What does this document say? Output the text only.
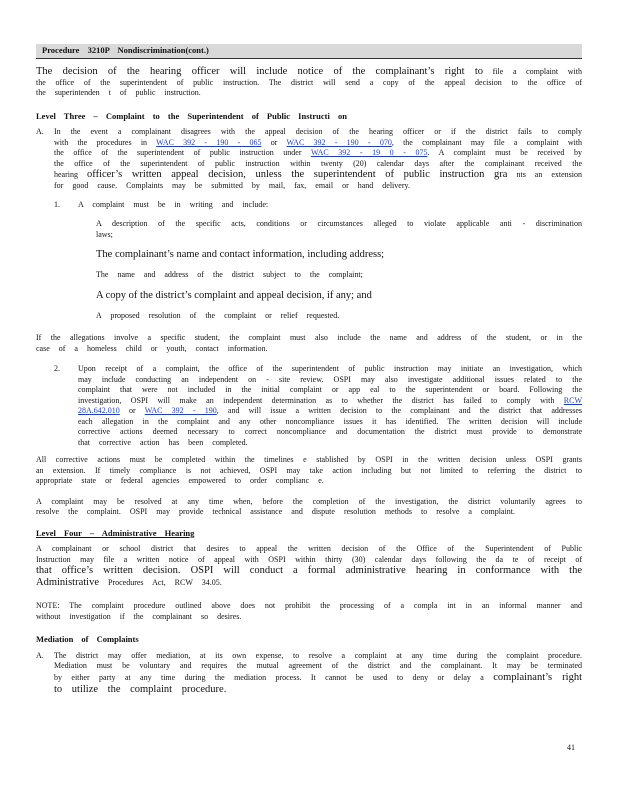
Procedure 3210P Nondiscrimination(cont.)
The decision of the hearing officer will include notice of the complainant’s right to file a complaint with the office of the superintendent of public instruction. The district will send a copy of the appeal decision to the office of the superintenden t of public instruction.
Level Three – Complaint to the Superintendent of Public Instructi on
A.	In the event a complainant disagrees with the appeal decision of the hearing officer or if the district fails to comply with the procedures in WAC 392 - 190 - 065 or WAC 392 - 190 - 070, the complainant may file a complaint with the office of the superintendent of public instruction under WAC 392 - 19 0 - 075. A complaint must be received by the office of the superintendent of public instruction within twenty (20) calendar days after the complainant received the hearing officer’s written appeal decision, unless the superintendent of public instruction gra nts an extension for good cause. Complaints may be submitted by mail, fax, email or hand delivery.
1.	A complaint must be in writing and include:
A description of the specific acts, conditions or circumstances alleged to violate applicable anti - discrimination laws;
The complainant’s name and contact information, including address;
The name and address of the district subject to the complaint;
A copy of the district’s complaint and appeal decision, if any; and
A proposed resolution of the complaint or relief requested.
If the allegations involve a specific student, the complaint must also include the name and address of the student, or in the case of a homeless child or youth, contact information.
2.	Upon receipt of a complaint, the office of the superintendent of public instruction may initiate an investigation, which may include conducting an independent on - site review. OSPI may also investigate additional issues related to the complaint that were not included in the initial complaint or app eal to the superintendent or board. Following the investigation, OSPI will make an independent determination as to whether the district has failed to comply with RCW 28A.642.010 or WAC 392 - 190, and will issue a written decision to the complainant and the district that addresses each allegation in the complaint and any other noncompliance issues it has identified. The written decision will include corrective actions deemed necessary to correct noncompliance and documentation the district must provide to demonstrate that corrective action has been completed.
All corrective actions must be completed within the timelines e stablished by OSPI in the written decision unless OSPI grants an extension. If timely compliance is not achieved, OSPI may take action including but not limited to referring the district to appropriate state or federal agencies empowered to order complianc e.
A complaint may be resolved at any time when, before the completion of the investigation, the district voluntarily agrees to resolve the complaint. OSPI may provide technical assistance and dispute resolution methods to resolve a complaint.
Level Four – Administrative Hearing
A complainant or school district that desires to appeal the written decision of the Office of the Superintendent of Public Instruction may file a written notice of appeal with OSPI within thirty (30) calendar days following the da te of receipt of that office’s written decision. OSPI will conduct a formal administrative hearing in conformance with the Administrative Procedures Act, RCW 34.05.
NOTE: The complaint procedure outlined above does not prohibit the processing of a compla int in an informal manner and without investigation if the complainant so desires.
Mediation of Complaints
A.	The district may offer mediation, at its own expense, to resolve a complaint at any time during the complaint procedure. Mediation must be voluntary and requires the mutual agreement of the district and the complainant. It may be terminated by either party at any time during the mediation process. It cannot be used to deny or delay a complainant’s right to utilize the complaint procedure.
41
